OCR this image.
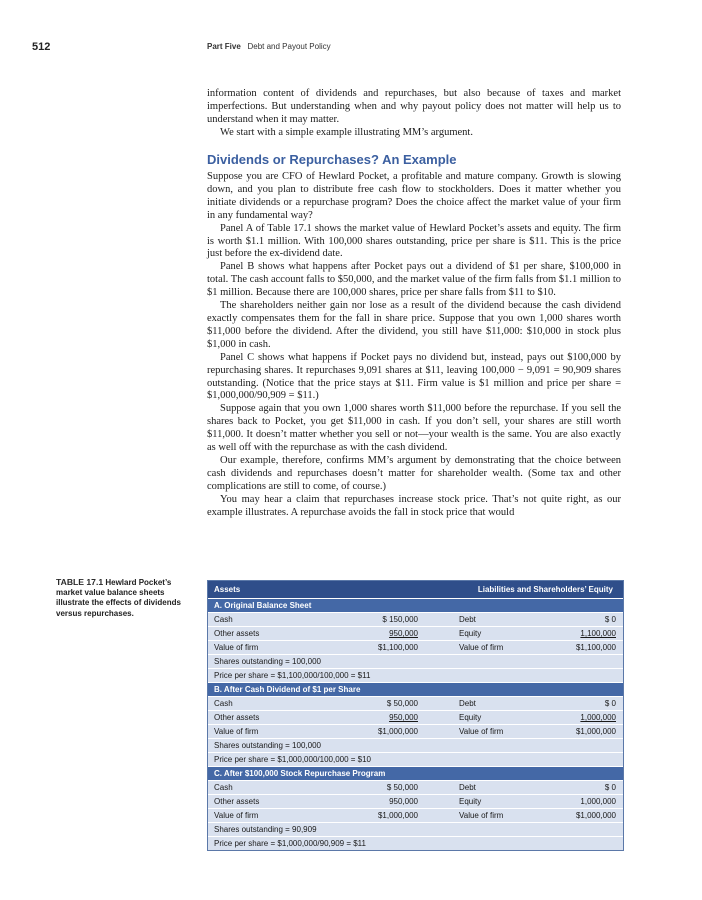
512	Part Five Debt and Payout Policy

information content of dividends and repurchases, but also because of taxes and market imperfections. But understanding when and why payout policy does not matter will help us to understand when it may matter.

We start with a simple example illustrating MM’s argument.

Dividends or Repurchases? An Example

Suppose you are CFO of Hewlard Pocket, a profitable and mature company. Growth is slowing down, and you plan to distribute free cash flow to stockholders. Does it matter whether you initiate dividends or a repurchase program? Does the choice affect the market value of your firm in any fundamental way?

Panel A of Table 17.1 shows the market value of Hewlard Pocket’s assets and equity. The firm is worth $1.1 million. With 100,000 shares outstanding, price per share is $11. This is the price just before the ex-dividend date.

Panel B shows what happens after Pocket pays out a dividend of $1 per share, $100,000 in total. The cash account falls to $50,000, and the market value of the firm falls from $1.1 million to $1 million. Because there are 100,000 shares, price per share falls from $11 to $10.

The shareholders neither gain nor lose as a result of the dividend because the cash dividend exactly compensates them for the fall in share price. Suppose that you own 1,000 shares worth $11,000 before the dividend. After the dividend, you still have $11,000: $10,000 in stock plus $1,000 in cash.

Panel C shows what happens if Pocket pays no dividend but, instead, pays out $100,000 by repurchasing shares. It repurchases 9,091 shares at $11, leaving 100,000 − 9,091 = 90,909 shares outstanding. (Notice that the price stays at $11. Firm value is $1 million and price per share = $1,000,000/90,909 = $11.)

Suppose again that you own 1,000 shares worth $11,000 before the repurchase. If you sell the shares back to Pocket, you get $11,000 in cash. If you don’t sell, your shares are still worth $11,000. It doesn’t matter whether you sell or not—your wealth is the same. You are also exactly as well off with the repurchase as with the cash dividend.

Our example, therefore, confirms MM’s argument by demonstrating that the choice between cash dividends and repurchases doesn’t matter for shareholder wealth. (Some tax and other complications are still to come, of course.)

You may hear a claim that repurchases increase stock price. That’s not quite right, as our example illustrates. A repurchase avoids the fall in stock price that would

TABLE 17.1 Hewlard Pocket’s market value balance sheets illustrate the effects of dividends versus repurchases.
Assets	Liabilities and Shareholders’ Equity
A. Original Balance Sheet
Cash	$ 150,000	Debt	$ 0
Other assets	950,000	Equity	1,100,000
Value of firm	$1,100,000	Value of firm	$1,100,000
Shares outstanding = 100,000
Price per share = $1,100,000/100,000 = $11
B. After Cash Dividend of $1 per Share
Cash	$ 50,000	Debt	$ 0
Other assets	950,000	Equity	1,000,000
Value of firm	$1,000,000	Value of firm	$1,000,000
Shares outstanding = 100,000
Price per share = $1,000,000/100,000 = $10
C. After $100,000 Stock Repurchase Program
Cash	$ 50,000	Debt	$ 0
Other assets	950,000	Equity	1,000,000
Value of firm	$1,000,000	Value of firm	$1,000,000
Shares outstanding = 90,909
Price per share = $1,000,000/90,909 = $11
